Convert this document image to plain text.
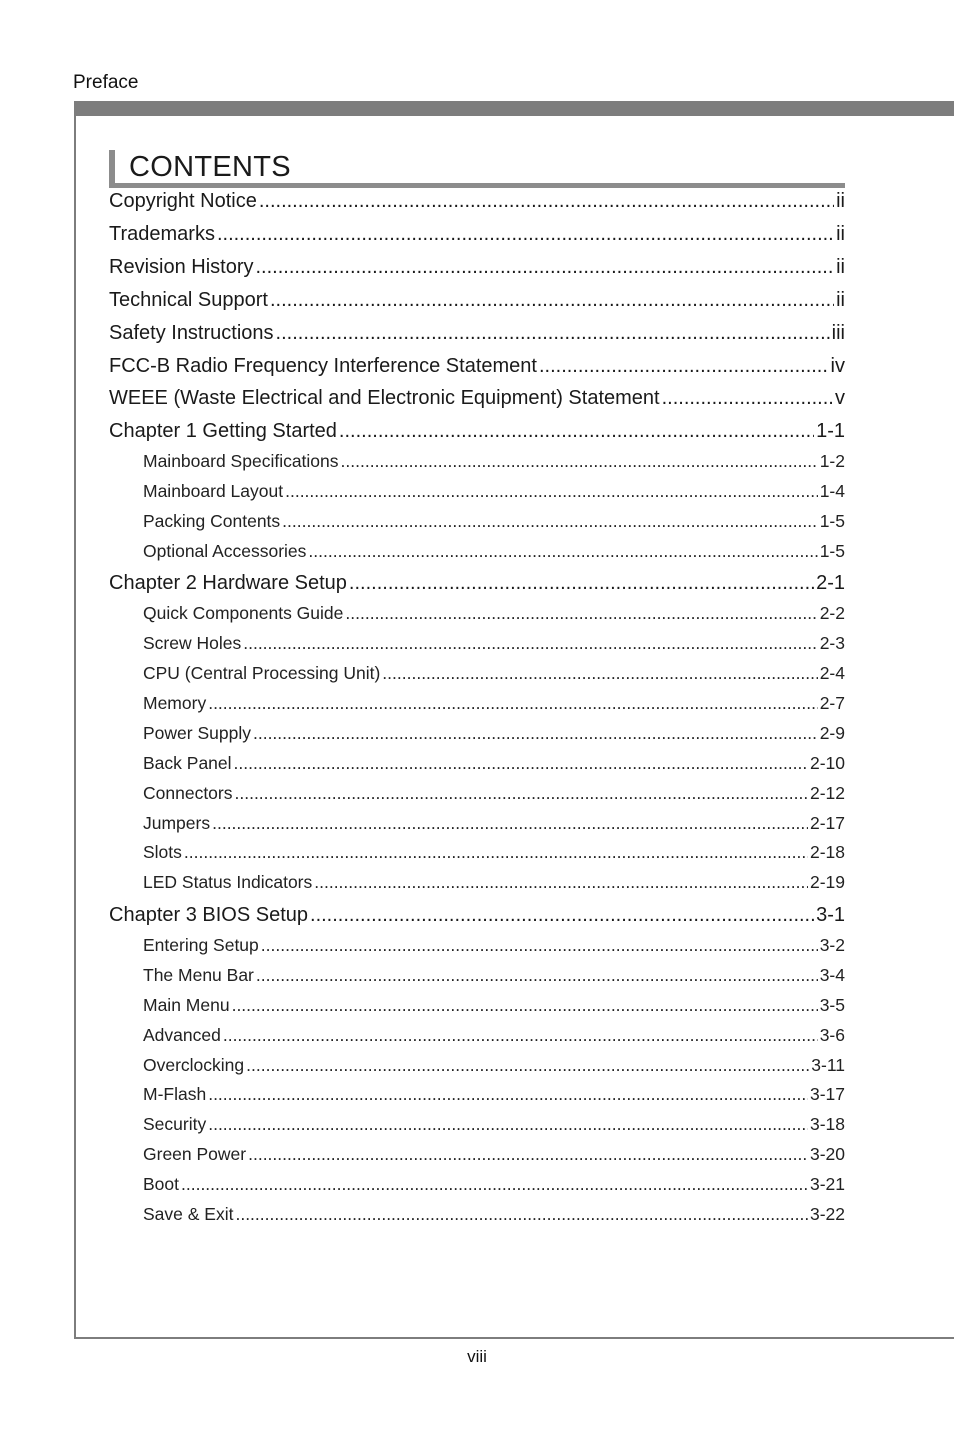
Preface
CONTENTS
Copyright Notice .....	ii
Trademarks .....	ii
Revision History .....	ii
Technical Support .....	ii
Safety Instructions .....	iii
FCC-B Radio Frequency Interference Statement .....	iv
WEEE (Waste Electrical and Electronic Equipment) Statement .....	v
Chapter 1 Getting Started .....	1-1
Mainboard Specifications .....	1-2
Mainboard Layout .....	1-4
Packing Contents .....	1-5
Optional Accessories .....	1-5
Chapter 2 Hardware Setup .....	2-1
Quick Components Guide .....	2-2
Screw Holes .....	2-3
CPU (Central Processing Unit) .....	2-4
Memory .....	2-7
Power Supply .....	2-9
Back Panel .....	2-10
Connectors .....	2-12
Jumpers .....	2-17
Slots .....	2-18
LED Status Indicators .....	2-19
Chapter 3 BIOS Setup .....	3-1
Entering Setup .....	3-2
The Menu Bar .....	3-4
Main Menu .....	3-5
Advanced .....	3-6
Overclocking .....	3-11
M-Flash .....	3-17
Security .....	3-18
Green Power .....	3-20
Boot .....	3-21
Save & Exit .....	3-22
viii
